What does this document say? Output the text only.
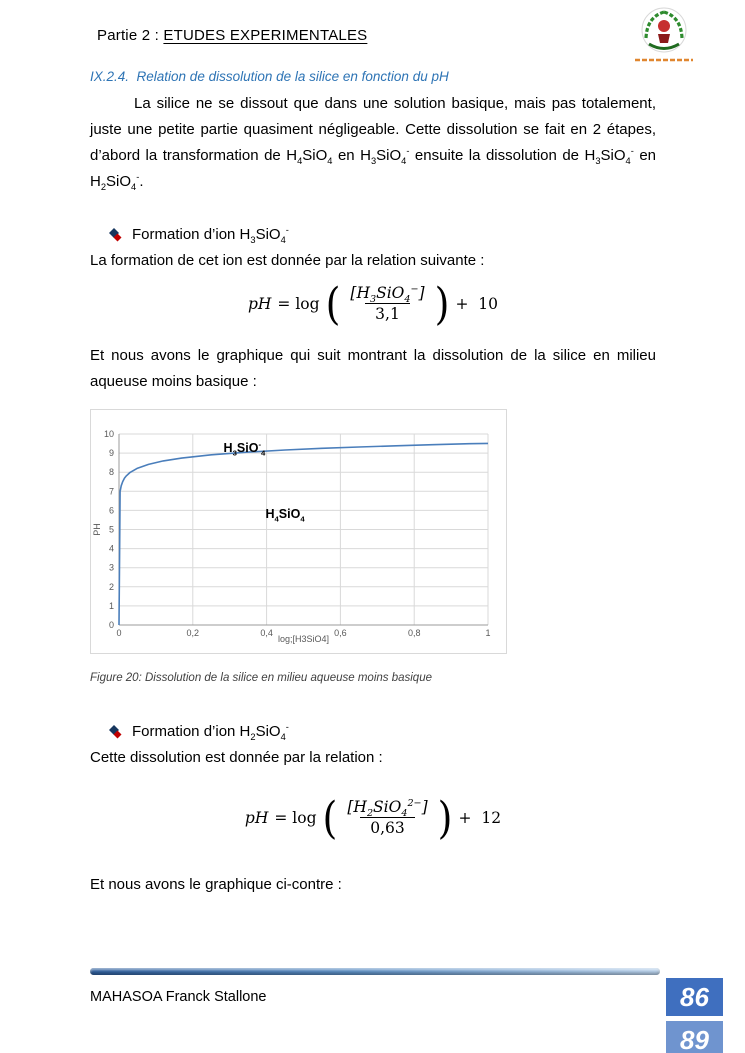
Partie 2 : ETUDES EXPERIMENTALES
IX.2.4.  Relation de dissolution de la silice en fonction du pH

La silice ne se dissout que dans une solution basique, mais pas totalement, juste une petite partie quasiment négligeable. Cette dissolution se fait en 2 étapes, d’abord la transformation de $H_4SiO_4$ en $H_3SiO_4^-$ ensuite la dissolution de $H_3SiO_4^-$ en $H_2SiO_4^-$.

Formation d’ion $H_3SiO_4^-$

La formation de cet ion est donnée par la relation suivante :

pH = log ( $\frac{[H_3SiO_4^-]}{3,1}$ ) +  10

Et nous avons le graphique qui suit montrant la dissolution de la silice en milieu aqueuse moins basique :

0
1
2
3
4
5
6
7
8
9
10
0	0,2	0,4	0,6	0,8	1
PH
log;[H3SiO4]
$H_3SiO^-_4$
$H_4SiO_4$
Figure 20: Dissolution de la silice en milieu aqueuse moins basique
Formation d’ion $H_2SiO_4^-$

Cette dissolution est donnée par la relation :

pH = log ( $\frac{[H_2SiO_4^{2-}]}{0,63}$ ) +  12

Et nous avons le graphique ci-contre :

MAHASOA Franck Stallone	86
89
